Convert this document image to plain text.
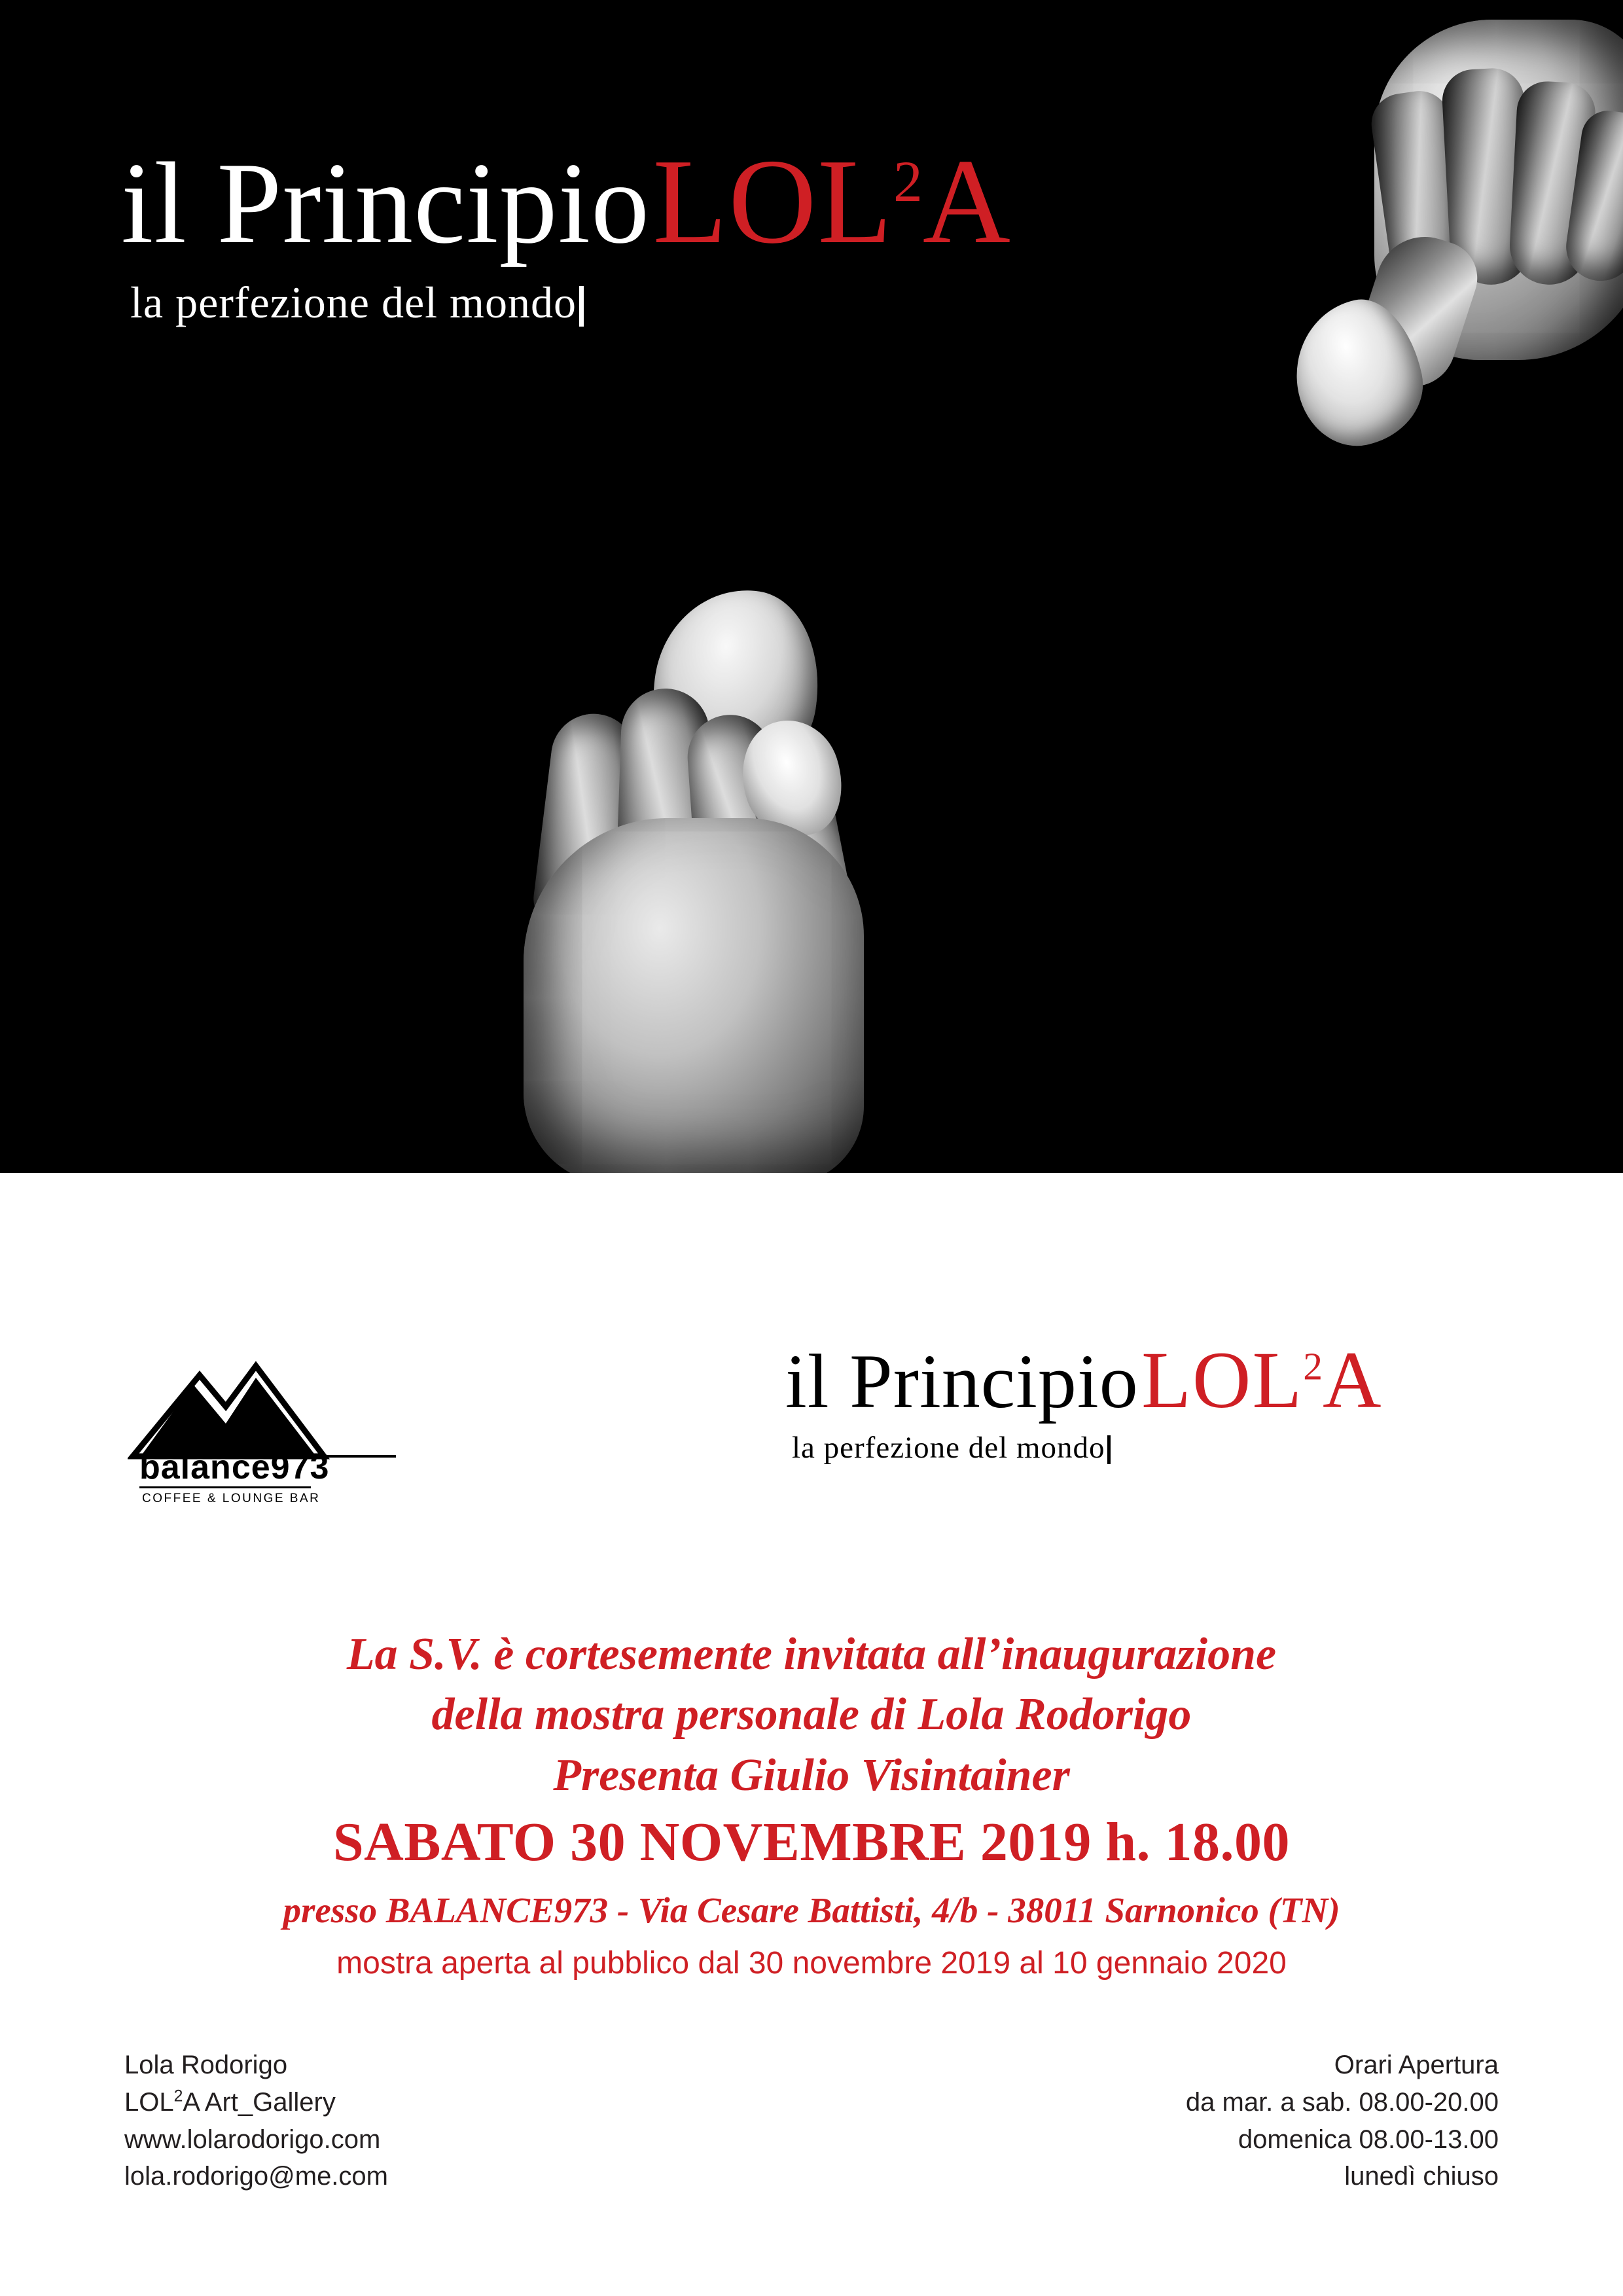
il Principio LOL$^2$A
la perfezione del mondo
balance973
COFFEE & LOUNGE BAR
il Principio LOL$^2$A
la perfezione del mondo
La S.V. è cortesemente invitata all’inaugurazione
della mostra personale di Lola Rodorigo
Presenta Giulio Visintainer
SABATO 30 NOVEMBRE 2019 h. 18.00
presso BALANCE973 - Via Cesare Battisti, 4/b - 38011 Sarnonico (TN)
mostra aperta al pubblico dal 30 novembre 2019 al 10 gennaio 2020
Lola Rodorigo
LOL$^2$A Art_Gallery
www.lolarodorigo.com
lola.rodorigo@me.com
Orari Apertura
da mar. a sab. 08.00-20.00
domenica 08.00-13.00
lunedì chiuso
